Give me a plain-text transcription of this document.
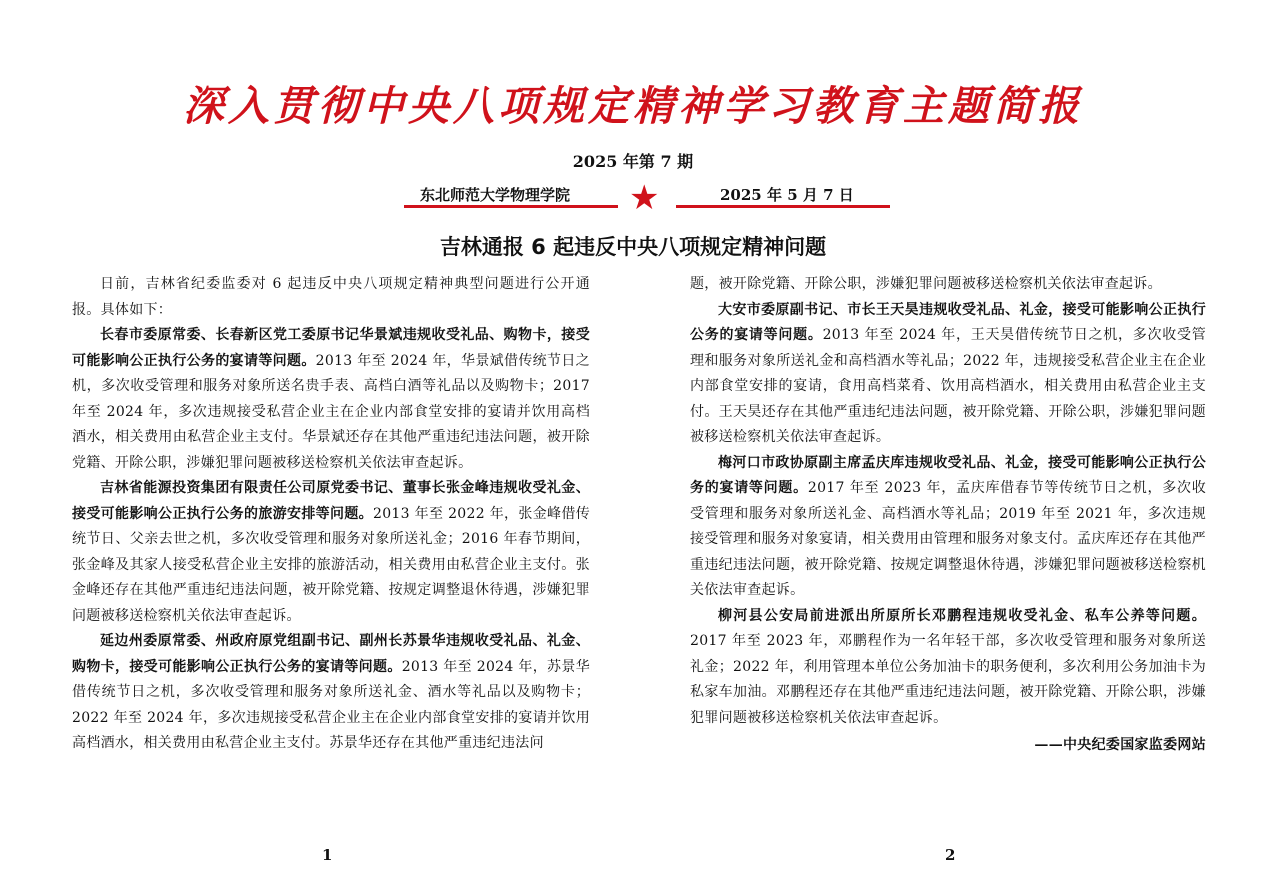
深入贯彻中央八项规定精神学习教育主题简报
2025 年第 7 期
东北师范大学物理学院 ★	2025 年 5 月 7 日
吉林通报 6 起违反中央八项规定精神问题

日前，吉林省纪委监委对 6 起违反中央八项规定精神典型问题进行公开通报。具体如下：

长春市委原常委、长春新区党工委原书记华景斌违规收受礼品、购物卡，接受可能影响公正执行公务的宴请等问题。2013 年至 2024 年，华景斌借传统节日之机，多次收受管理和服务对象所送名贵手表、高档白酒等礼品以及购物卡；2017 年至 2024 年，多次违规接受私营企业主在企业内部食堂安排的宴请并饮用高档酒水，相关费用由私营企业主支付。华景斌还存在其他严重违纪违法问题，被开除党籍、开除公职，涉嫌犯罪问题被移送检察机关依法审查起诉。

吉林省能源投资集团有限责任公司原党委书记、董事长张金峰违规收受礼金、接受可能影响公正执行公务的旅游安排等问题。2013 年至 2022 年，张金峰借传统节日、父亲去世之机，多次收受管理和服务对象所送礼金；2016 年春节期间，张金峰及其家人接受私营企业主安排的旅游活动，相关费用由私营企业主支付。张金峰还存在其他严重违纪违法问题，被开除党籍、按规定调整退休待遇，涉嫌犯罪问题被移送检察机关依法审查起诉。

延边州委原常委、州政府原党组副书记、副州长苏景华违规收受礼品、礼金、购物卡，接受可能影响公正执行公务的宴请等问题。2013 年至 2024 年，苏景华借传统节日之机，多次收受管理和服务对象所送礼金、酒水等礼品以及购物卡；2022 年至 2024 年，多次违规接受私营企业主在企业内部食堂安排的宴请并饮用高档酒水，相关费用由私营企业主支付。苏景华还存在其他严重违纪违法问

题，被开除党籍、开除公职，涉嫌犯罪问题被移送检察机关依法审查起诉。

大安市委原副书记、市长王天昊违规收受礼品、礼金，接受可能影响公正执行公务的宴请等问题。2013 年至 2024 年，王天昊借传统节日之机，多次收受管理和服务对象所送礼金和高档酒水等礼品；2022 年，违规接受私营企业主在企业内部食堂安排的宴请，食用高档菜肴、饮用高档酒水，相关费用由私营企业主支付。王天昊还存在其他严重违纪违法问题，被开除党籍、开除公职，涉嫌犯罪问题被移送检察机关依法审查起诉。

梅河口市政协原副主席孟庆库违规收受礼品、礼金，接受可能影响公正执行公务的宴请等问题。2017 年至 2023 年，孟庆库借春节等传统节日之机，多次收受管理和服务对象所送礼金、高档酒水等礼品；2019 年至 2021 年，多次违规接受管理和服务对象宴请，相关费用由管理和服务对象支付。孟庆库还存在其他严重违纪违法问题，被开除党籍、按规定调整退休待遇，涉嫌犯罪问题被移送检察机关依法审查起诉。

柳河县公安局前进派出所原所长邓鹏程违规收受礼金、私车公养等问题。2017 年至 2023 年，邓鹏程作为一名年轻干部，多次收受管理和服务对象所送礼金；2022 年，利用管理本单位公务加油卡的职务便利，多次利用公务加油卡为私家车加油。邓鹏程还存在其他严重违纪违法问题，被开除党籍、开除公职，涉嫌犯罪问题被移送检察机关依法审查起诉。

——中央纪委国家监委网站

1	2
